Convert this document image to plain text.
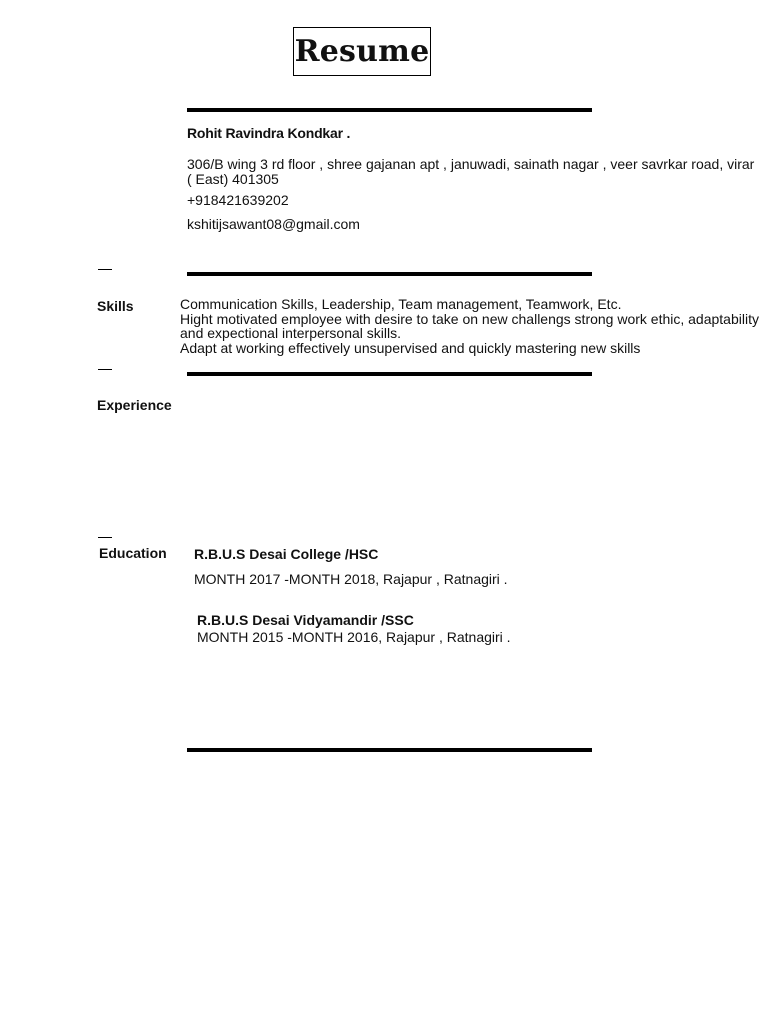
Resume
Rohit Ravindra Kondkar .
306/B wing 3 rd floor , shree gajanan apt , januwadi, sainath nagar , veer savrkar road, virar ( East) 401305
+918421639202
kshitijsawant08@gmail.com
Skills	Communication Skills, Leadership, Team management, Teamwork, Etc.
Hight motivated employee with desire to take on new challengs strong work ethic, adaptability and expectional interpersonal skills.
Adapt at working effectively unsupervised and quickly mastering new skills
Experience
Education R.B.U.S Desai College /HSC
MONTH 2017 -MONTH 2018, Rajapur , Ratnagiri .
R.B.U.S Desai Vidyamandir /SSC
MONTH 2015 -MONTH 2016, Rajapur , Ratnagiri .
